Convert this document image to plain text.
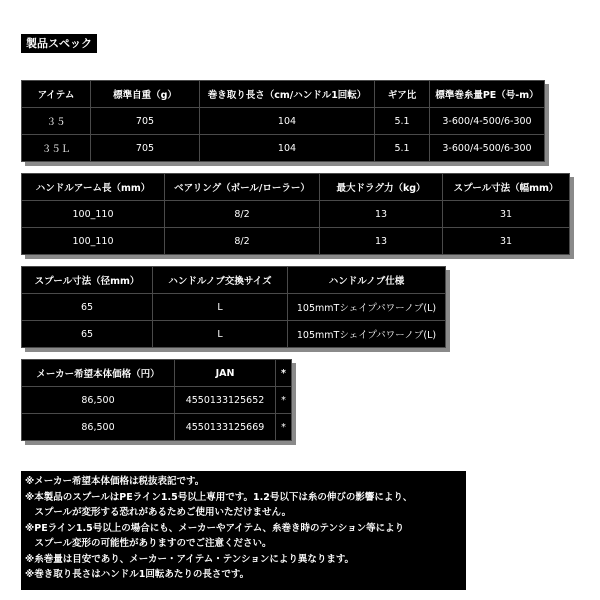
製品スペック
アイテム	標準自重（g）	巻き取り長さ（cm/ハンドル1回転）	ギア比	標準巻糸量PE（号-m）
３５	705	104	5.1	3-600/4-500/6-300
３５Ｌ	705	104	5.1	3-600/4-500/6-300
ハンドルアーム長（mm）	ベアリング（ボール/ローラー）	最大ドラグ力（kg）	スプール寸法（幅mm）
100_110	8/2	13	31
100_110	8/2	13	31
スプール寸法（径mm）	ハンドルノブ交換サイズ	ハンドルノブ仕様
65	L	105mmTシェイプパワーノブ(L)
65	L	105mmTシェイプパワーノブ(L)
メーカー希望本体価格（円）	JAN	*
86,500	4550133125652	*
86,500	4550133125669	*
※メーカー希望本体価格は税抜表記です。
※本製品のスプールはPEライン1.5号以上専用です。1.2号以下は糸の伸びの影響により、
　スプールが変形する恐れがあるためご使用いただけません。
※PEライン1.5号以上の場合にも、メーカーやアイテム、糸巻き時のテンション等により
　スプール変形の可能性がありますのでご注意ください。
※糸巻量は目安であり、メーカー・アイテム・テンションにより異なります。
※巻き取り長さはハンドル1回転あたりの長さです。
